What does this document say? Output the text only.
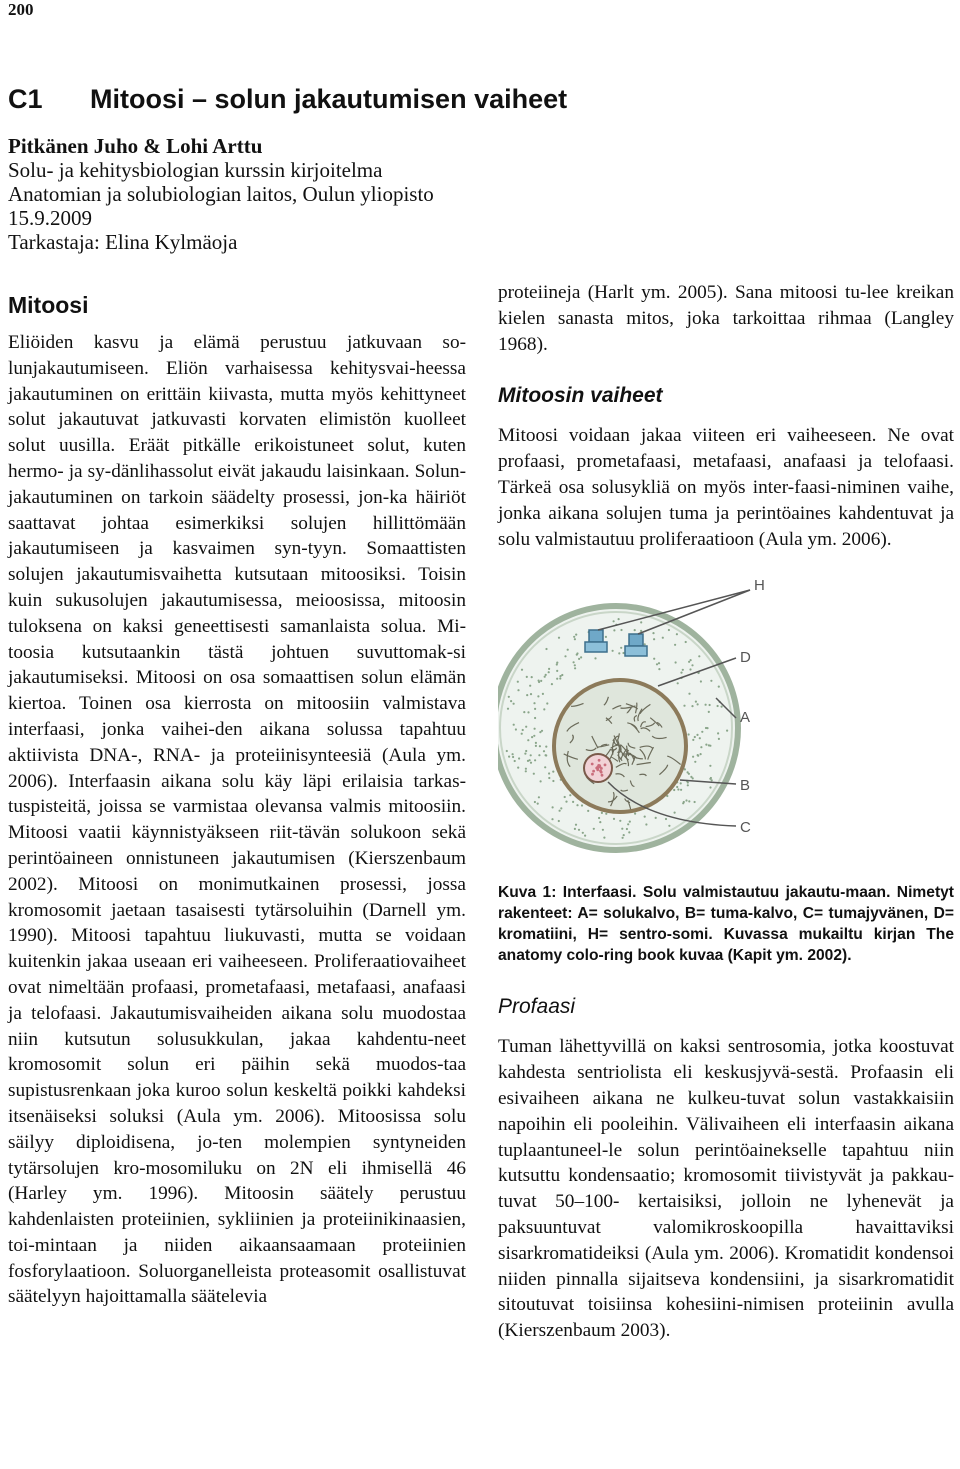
200
C1 Mitoosi – solun jakautumisen vaiheet
Pitkänen Juho & Lohi Arttu
Solu- ja kehitysbiologian kurssin kirjoitelma
Anatomian ja solubiologian laitos, Oulun yliopisto
15.9.2009
Tarkastaja: Elina Kylmäoja
Mitoosi

Eliöiden kasvu ja elämä perustuu jatkuvaan so-lunjakautumiseen. Eliön varhaisessa kehitysvai-heessa jakautuminen on erittäin kiivasta, mutta myös kehittyneet solut jakautuvat jatkuvasti korvaten elimistön kuolleet solut uusilla. Eräät pitkälle erikoistuneet solut, kuten hermo- ja sy-dänlihassolut eivät jakaudu laisinkaan. Solun-jakautuminen on tarkoin säädelty prosessi, jon-ka häiriöt saattavat johtaa esimerkiksi solujen hillittömään jakautumiseen ja kasvaimen syn-tyyn. Somaattisten solujen jakautumisvaihetta kutsutaan mitoosiksi. Toisin kuin sukusolujen jakautumisessa, meioosissa, mitoosin tuloksena on kaksi geneettisesti samanlaista solua. Mi-toosia kutsutaankin tästä johtuen suvuttomak-si jakautumiseksi. Mitoosi on osa somaattisen solun elämän kiertoa. Toinen osa kierrosta on mitoosiin valmistava interfaasi, jonka vaihei-den aikana solussa tapahtuu aktiivista DNA-, RNA- ja proteiinisynteesiä (Aula ym. 2006). Interfaasin aikana solu käy läpi erilaisia tarkas-tuspisteitä, joissa se varmistaa olevansa valmis mitoosiin. Mitoosi vaatii käynnistyäkseen riit-tävän solukoon sekä perintöaineen onnistuneen jakautumisen (Kierszenbaum 2002). Mitoosi on monimutkainen prosessi, jossa kromosomit jaetaan tasaisesti tytärsoluihin (Darnell ym. 1990). Mitoosi tapahtuu liukuvasti, mutta se voidaan kuitenkin jakaa useaan eri vaiheeseen. Proliferaatiovaiheet ovat nimeltään profaasi, prometafaasi, metafaasi, anafaasi ja telofaasi. Jakautumisvaiheiden aikana solu muodostaa niin kutsutun solusukkulan, jakaa kahdentu-neet kromosomit solun eri päihin sekä muodos-taa supistusrenkaan joka kuroo solun keskeltä poikki kahdeksi itsenäiseksi soluksi (Aula ym. 2006). Mitoosissa solu säilyy diploidisena, jo-ten molempien syntyneiden tytärsolujen kro-mosomiluku on 2N eli ihmisellä 46 (Harley ym. 1996). Mitoosin säätely perustuu kahdenlaisten proteiinien, sykliinien ja proteiinikinaasien, toi-mintaan ja niiden aikaansaamaan proteiinien fosforylaatioon. Soluorganelleista proteasomit osallistuvat säätelyyn hajoittamalla säätelevia

proteiineja (Harlt ym. 2005). Sana mitoosi tu-lee kreikan kielen sanasta mitos, joka tarkoittaa rihmaa (Langley 1968).

Mitoosin vaiheet

Mitoosi voidaan jakaa viiteen eri vaiheeseen. Ne ovat profaasi, prometafaasi, metafaasi, anafaasi ja telofaasi. Tärkeä osa solusykliä on myös inter-faasi-niminen vaihe, jonka aikana solujen tuma ja perintöaines kahdentuvat ja solu valmistautuu proliferaatioon (Aula ym. 2006).

H
D
A
B
C

Kuva 1: Interfaasi. Solu valmistautuu jakautu-maan. Nimetyt rakenteet: A= solukalvo, B= tuma-kalvo, C= tumajyvänen, D= kromatiini, H= sentro-somi. Kuvassa mukailtu kirjan The anatomy colo-ring book kuvaa (Kapit ym. 2002).

Profaasi

Tuman lähettyvillä on kaksi sentrosomia, jotka koostuvat kahdesta sentriolista eli keskusjyvä-sestä. Profaasin eli esivaiheen aikana ne kulkeu-tuvat solun vastakkaisiin napoihin eli pooleihin. Välivaiheen eli interfaasin aikana tuplaantuneel-le solun perintöainekselle tapahtuu niin kutsuttu kondensaatio; kromosomit tiivistyvät ja pakkau-tuvat 50–100- kertaisiksi, jolloin ne lyhenevät ja paksuuntuvat valomikroskoopilla havaittaviksi sisarkromatideiksi (Aula ym. 2006). Kromatidit kondensoi niiden pinnalla sijaitseva kondensiini, ja sisarkromatidit sitoutuvat toisiinsa kohesiini-nimisen proteiinin avulla (Kierszenbaum 2003).
